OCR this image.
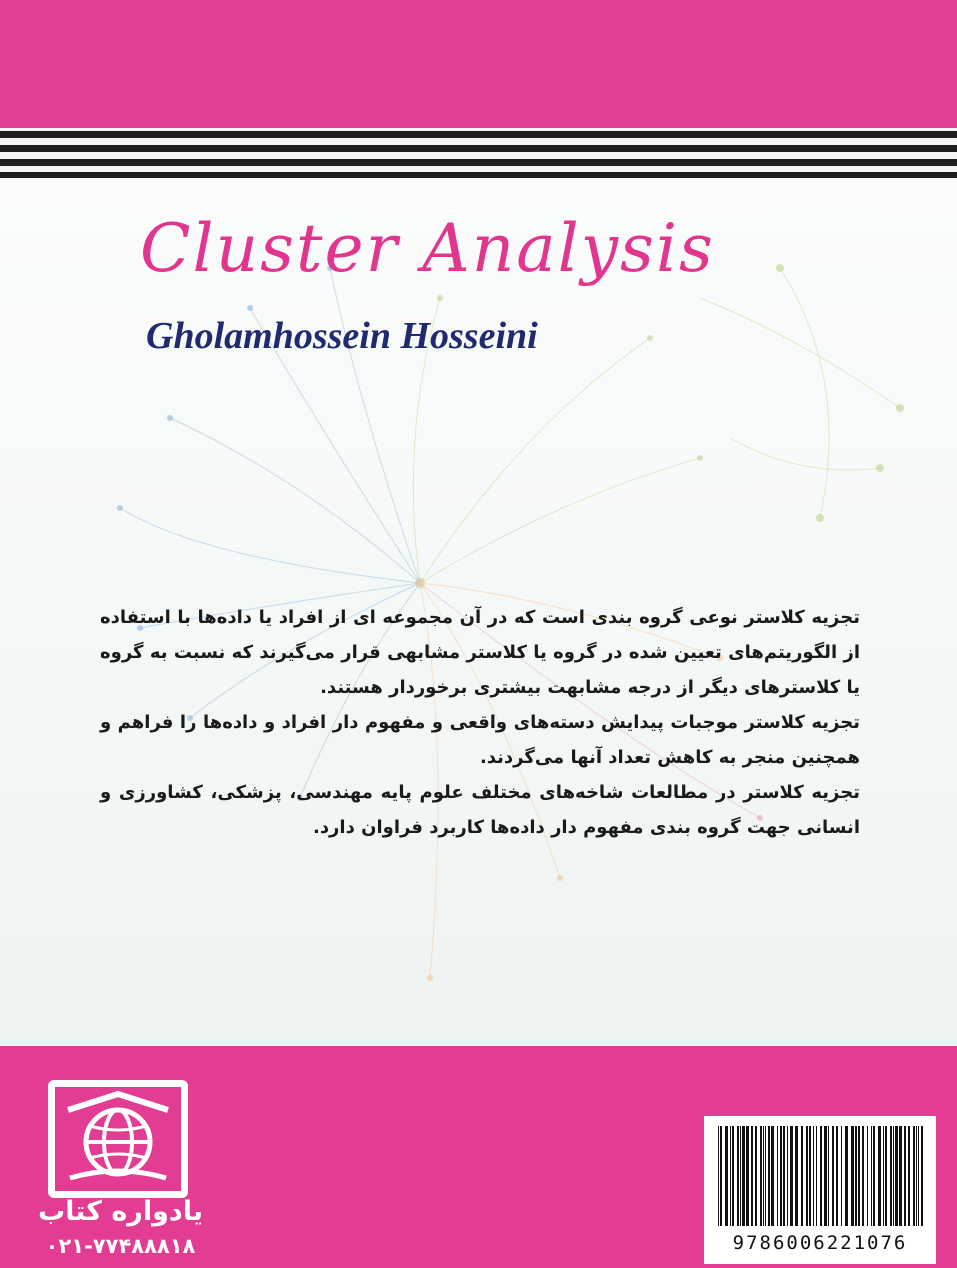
Cluster Analysis
Gholamhossein Hosseini

تجزیه کلاستر نوعی گروه بندی است که در آن مجموعه ای از افراد یا داده‌ها با استفاده از الگوریتم‌های تعیین شده در گروه یا کلاستر مشابهی قرار می‌گیرند که نسبت به گروه یا کلاسترهای دیگر از درجه مشابهت بیشتری برخوردار هستند.

تجزیه کلاستر موجبات پیدایش دسته‌های واقعی و مفهوم دار افراد و داده‌ها را فراهم و همچنین منجر به کاهش تعداد آنها می‌گردند.

تجزیه کلاستر در مطالعات شاخه‌های مختلف علوم پایه مهندسی، پزشکی، کشاورزی و انسانی جهت گروه بندی مفهوم دار داده‌ها کاربرد فراوان دارد.

یادواره کتاب
۰۲۱-۷۷۴۸۸۸۱۸	9786006221076
